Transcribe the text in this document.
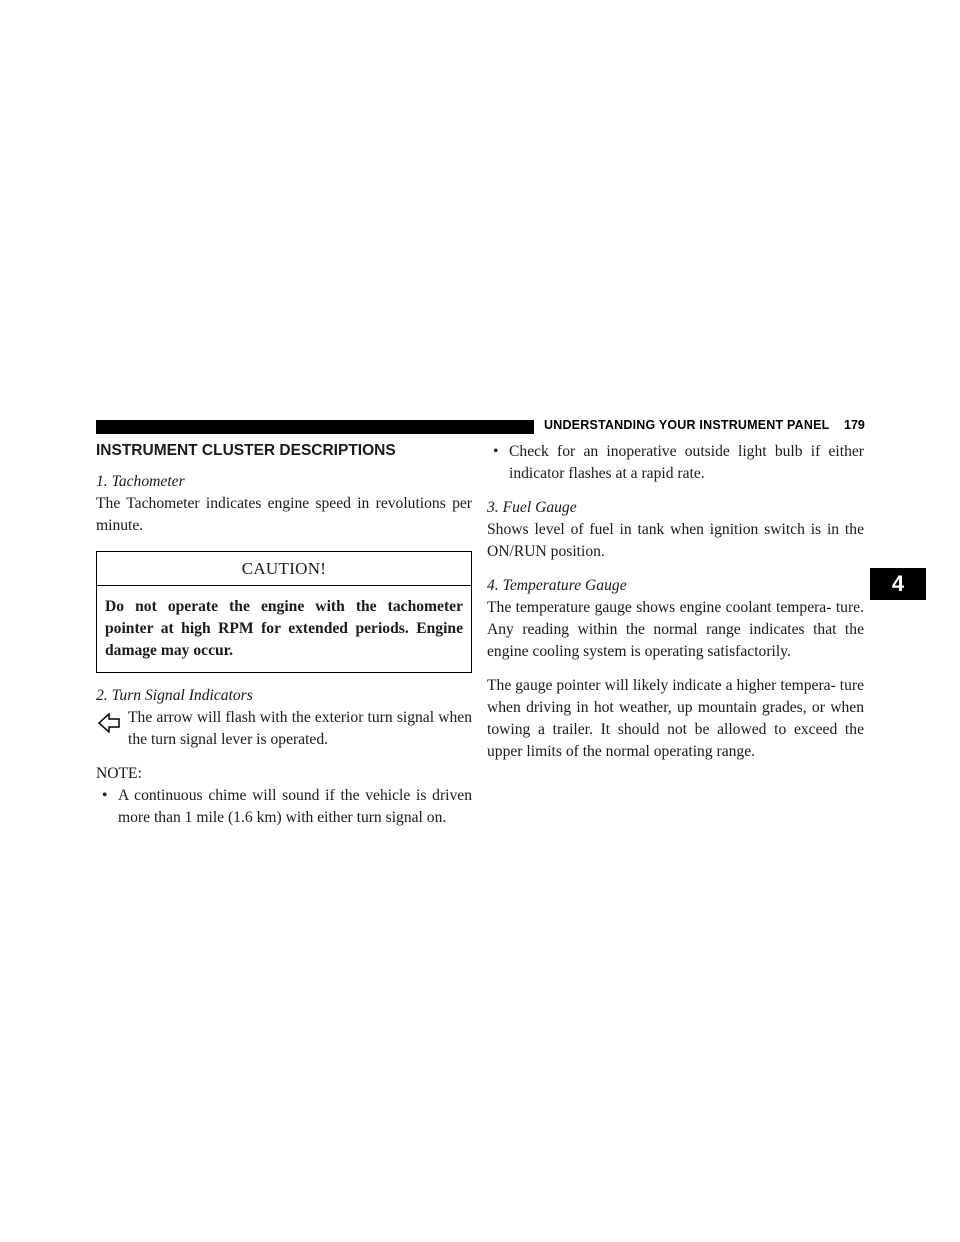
UNDERSTANDING YOUR INSTRUMENT PANEL 179
4
INSTRUMENT CLUSTER DESCRIPTIONS
1. Tachometer

The Tachometer indicates engine speed in revolutions per minute.

CAUTION!
Do not operate the engine with the tachometer pointer at high RPM for extended periods. Engine damage may occur.
2. Turn Signal Indicators
The arrow will flash with the exterior turn signal when the turn signal lever is operated.
NOTE:
• A continuous chime will sound if the vehicle is driven more than 1 mile (1.6 km) with either turn signal on.
• Check for an inoperative outside light bulb if either indicator flashes at a rapid rate.
3. Fuel Gauge

Shows level of fuel in tank when ignition switch is in the ON/RUN position.

4. Temperature Gauge

The temperature gauge shows engine coolant tempera- ture. Any reading within the normal range indicates that the engine cooling system is operating satisfactorily.

The gauge pointer will likely indicate a higher tempera- ture when driving in hot weather, up mountain grades, or when towing a trailer. It should not be allowed to exceed the upper limits of the normal operating range.
